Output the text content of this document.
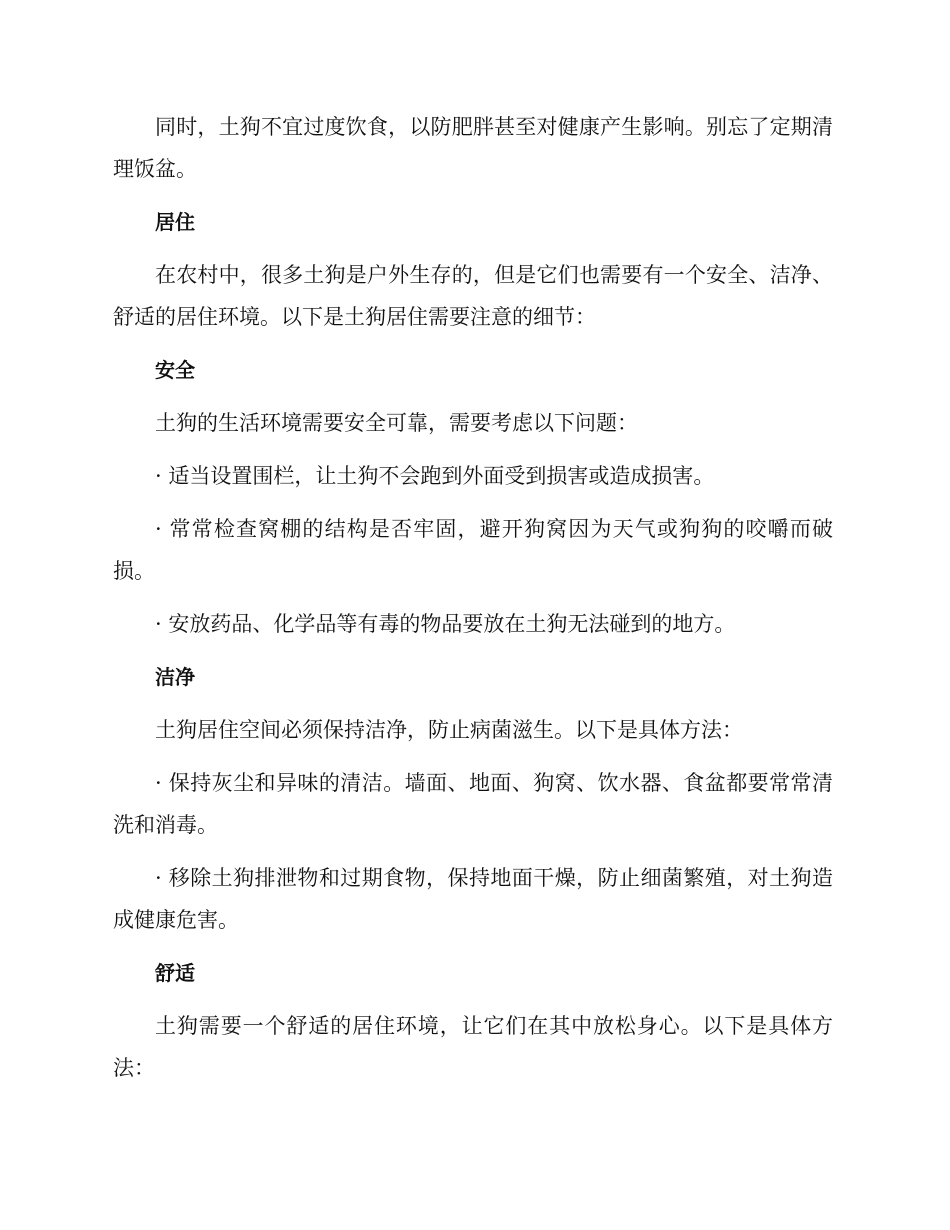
同时，土狗不宜过度饮食，以防肥胖甚至对健康产生影响。别忘了定期清理饭盆。

居住

在农村中，很多土狗是户外生存的，但是它们也需要有一个安全、洁净、舒适的居住环境。以下是土狗居住需要注意的细节：

安全

土狗的生活环境需要安全可靠，需要考虑以下问题：

· 适当设置围栏，让土狗不会跑到外面受到损害或造成损害。

· 常常检查窝棚的结构是否牢固，避开狗窝因为天气或狗狗的咬嚼而破损。

· 安放药品、化学品等有毒的物品要放在土狗无法碰到的地方。

洁净

土狗居住空间必须保持洁净，防止病菌滋生。以下是具体方法：

· 保持灰尘和异味的清洁。墙面、地面、狗窝、饮水器、食盆都要常常清洗和消毒。

· 移除土狗排泄物和过期食物，保持地面干燥，防止细菌繁殖，对土狗造成健康危害。

舒适

土狗需要一个舒适的居住环境，让它们在其中放松身心。以下是具体方法：
